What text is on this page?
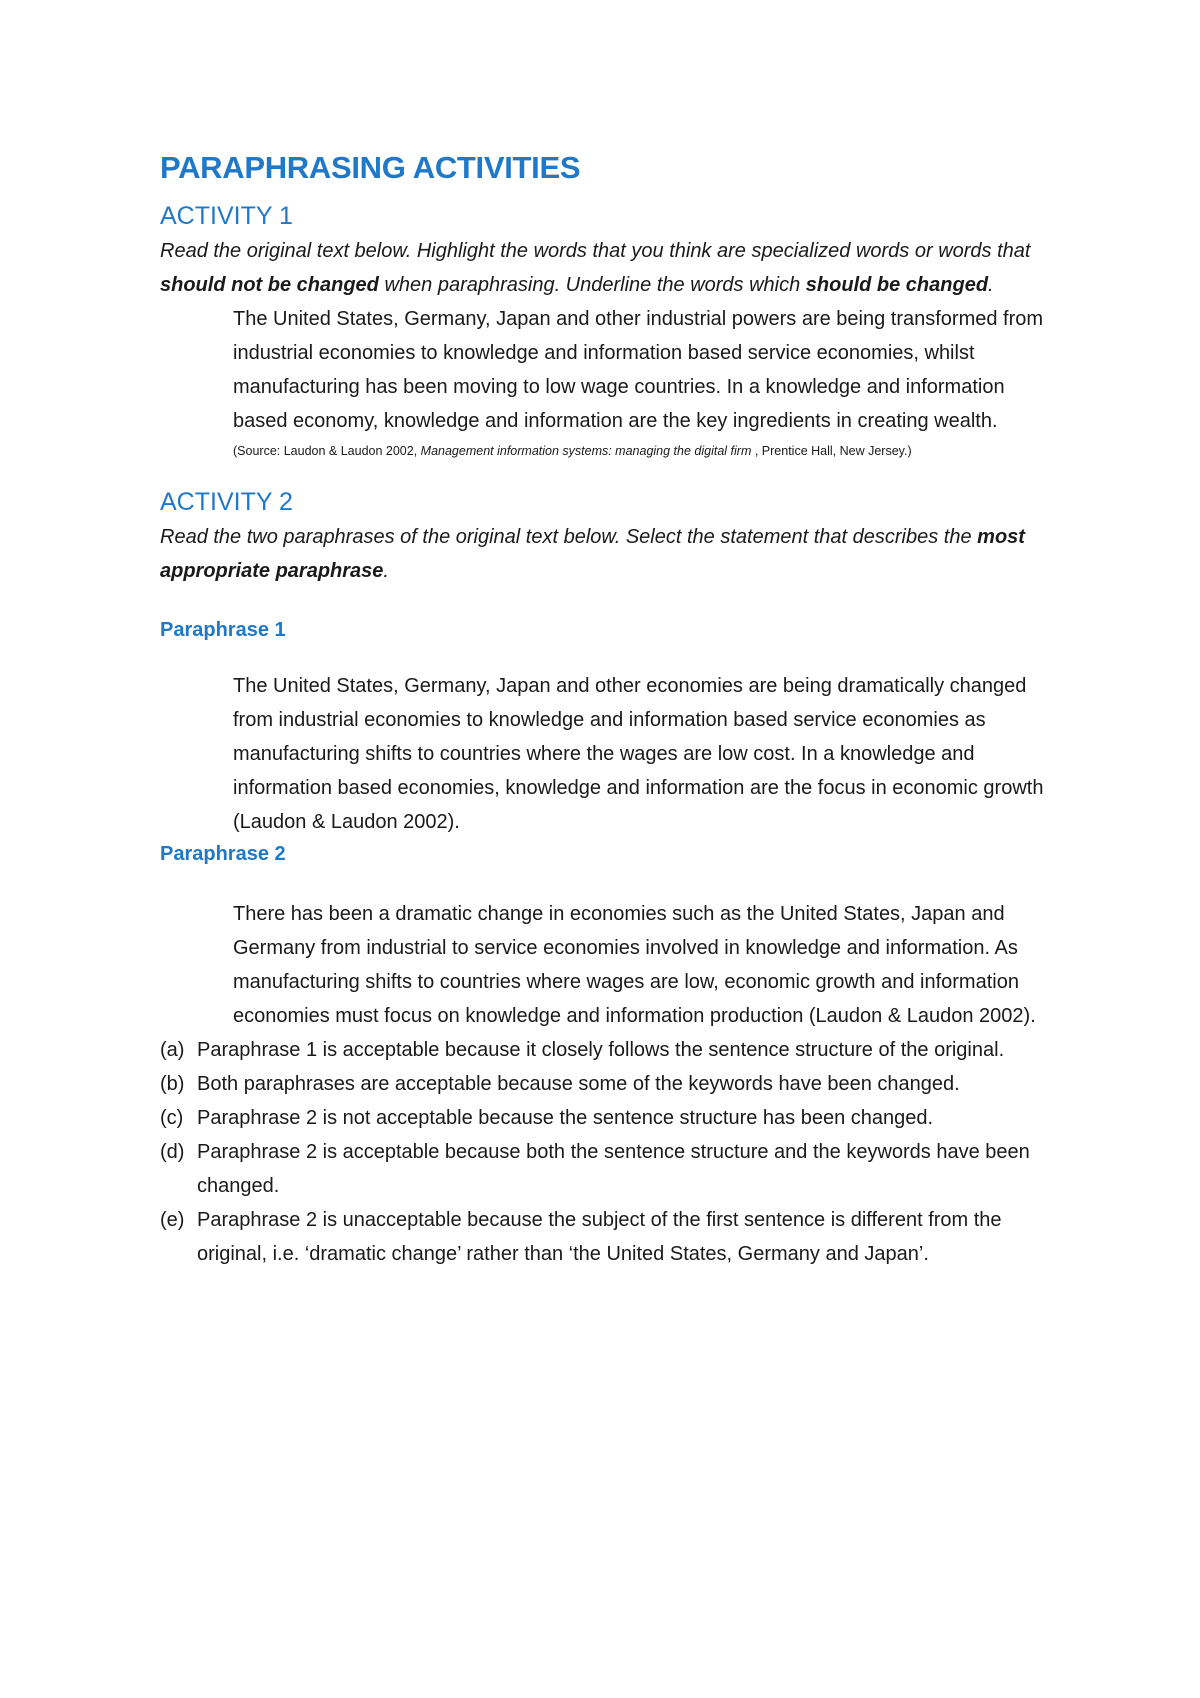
PARAPHRASING ACTIVITIES
ACTIVITY 1

Read the original text below. Highlight the words that you think are specialized words or words that should not be changed when paraphrasing. Underline the words which should be changed.

The United States, Germany, Japan and other industrial powers are being transformed from industrial economies to knowledge and information based service economies, whilst manufacturing has been moving to low wage countries. In a knowledge and information based economy, knowledge and information are the key ingredients in creating wealth.

(Source: Laudon & Laudon 2002, Management information systems: managing the digital firm , Prentice Hall, New Jersey.)

ACTIVITY 2

Read the two paraphrases of the original text below. Select the statement that describes the most appropriate paraphrase.

Paraphrase 1

The United States, Germany, Japan and other economies are being dramatically changed from industrial economies to knowledge and information based service economies as manufacturing shifts to countries where the wages are low cost. In a knowledge and information based economies, knowledge and information are the focus in economic growth (Laudon & Laudon 2002).

Paraphrase 2

There has been a dramatic change in economies such as the United States, Japan and Germany from industrial to service economies involved in knowledge and information. As manufacturing shifts to countries where wages are low, economic growth and information economies must focus on knowledge and information production (Laudon & Laudon 2002).

(a) Paraphrase 1 is acceptable because it closely follows the sentence structure of the original.
(b) Both paraphrases are acceptable because some of the keywords have been changed.
(c) Paraphrase 2 is not acceptable because the sentence structure has been changed.
(d) Paraphrase 2 is acceptable because both the sentence structure and the keywords have been changed.
(e) Paraphrase 2 is unacceptable because the subject of the first sentence is different from the original, i.e. ‘dramatic change’ rather than ‘the United States, Germany and Japan’.
